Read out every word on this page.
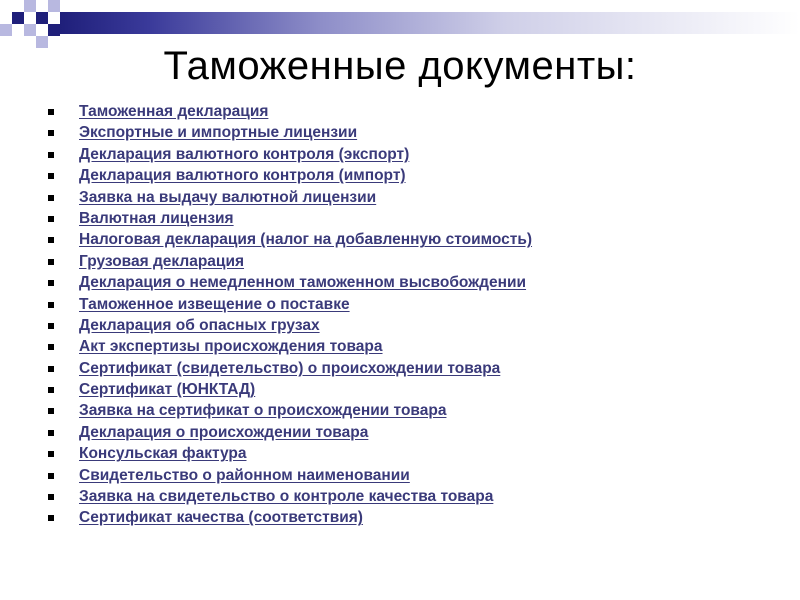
Таможенные документы:
Таможенная декларация
Экспортные и импортные лицензии
Декларация валютного контроля (экспорт)
Декларация валютного контроля (импорт)
Заявка на выдачу валютной лицензии
Валютная лицензия
Налоговая декларация (налог на добавленную стоимость)
Грузовая декларация
Декларация о немедленном таможенном высвобождении
Таможенное извещение о поставке
Декларация об опасных грузах
Акт экспертизы происхождения товара
Сертификат (свидетельство) о происхождении товара
Сертификат (ЮНКТАД)
Заявка на сертификат о происхождении товара
Декларация о происхождении товара
Консульская фактура
Свидетельство о районном наименовании
Заявка на свидетельство о контроле качества товара
Сертификат качества (соответствия)
